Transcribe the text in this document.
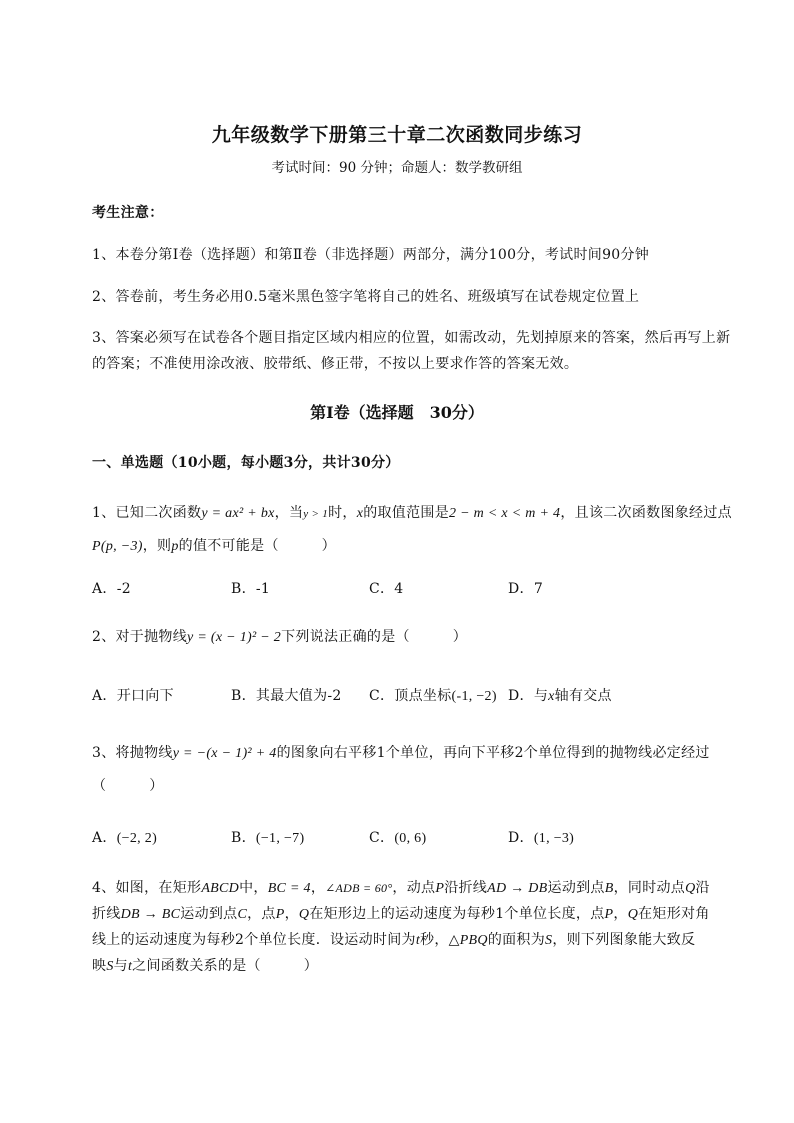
九年级数学下册第三十章二次函数同步练习
考试时间：90 分钟；命题人：数学教研组
考生注意：
1、本卷分第Ⅰ卷（选择题）和第Ⅱ卷（非选择题）两部分，满分100分，考试时间90分钟
2、答卷前，考生务必用0.5毫米黑色签字笔将自己的姓名、班级填写在试卷规定位置上
3、答案必须写在试卷各个题目指定区域内相应的位置，如需改动，先划掉原来的答案，然后再写上新
的答案；不准使用涂改液、胶带纸、修正带，不按以上要求作答的答案无效。
第Ⅰ卷（选择题　30分）
一、单选题（10小题，每小题3分，共计30分）
1、已知二次函数y = ax² + bx，当y > 1时，x的取值范围是2 − m < x < m + 4，且该二次函数图象经过点
P(p, −3)，则p的值不可能是（　　　）
A．-2	B．-1	C．4	D．7
2、对于抛物线y = (x − 1)² − 2下列说法正确的是（　　　）
A．开口向下	B．其最大值为-2 C．顶点坐标(-1, −2) D．与x轴有交点
3、将抛物线y = −(x − 1)² + 4的图象向右平移1个单位，再向下平移2个单位得到的抛物线必定经过
（　　　）
A．(−2, 2)	B．(−1, −7)	C．(0, 6)	D．(1, −3)
4、如图，在矩形ABCD中，BC = 4，∠ADB = 60°，动点P沿折线AD → DB运动到点B，同时动点Q沿
折线DB → BC运动到点C，点P，Q在矩形边上的运动速度为每秒1个单位长度，点P，Q在矩形对角
线上的运动速度为每秒2个单位长度．设运动时间为t秒，△PBQ的面积为S，则下列图象能大致反
映S与t之间函数关系的是（　　　）
